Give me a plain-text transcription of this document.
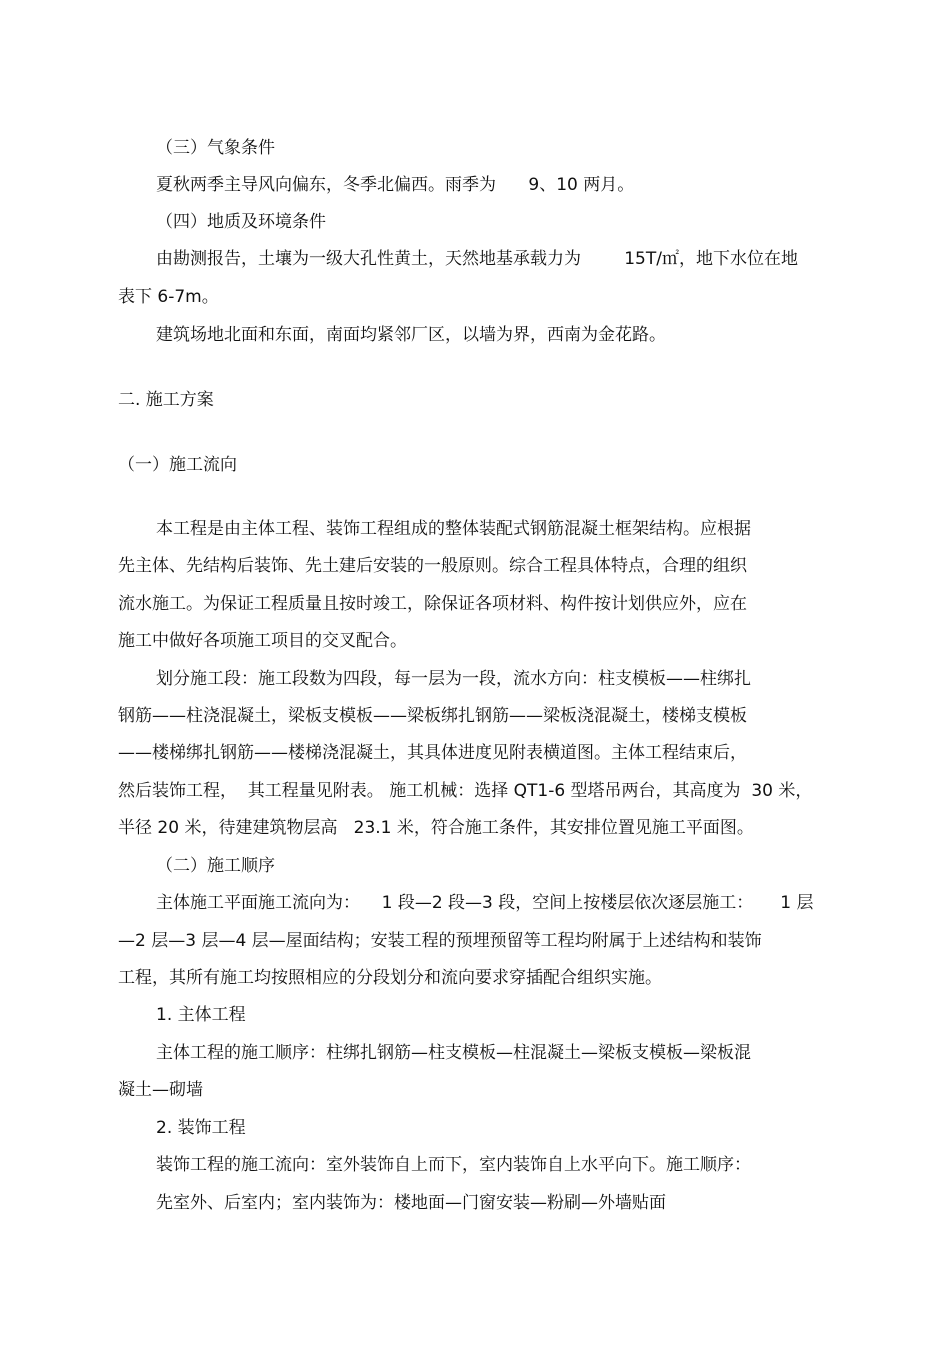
（三）气象条件
夏秋两季主导风向偏东，冬季北偏西。雨季为      9、10 两月。
（四）地质及环境条件
由勘测报告，土壤为一级大孔性黄土，天然地基承载力为        15T/㎡，地下水位在地
表下 6-7m。
建筑场地北面和东面，南面均紧邻厂区，以墙为界，西南为金花路。
二. 施工方案
（一）施工流向
本工程是由主体工程、装饰工程组成的整体装配式钢筋混凝土框架结构。应根据
先主体、先结构后装饰、先土建后安装的一般原则。综合工程具体特点，合理的组织
流水施工。为保证工程质量且按时竣工，除保证各项材料、构件按计划供应外，应在
施工中做好各项施工项目的交叉配合。
划分施工段：施工段数为四段，每一层为一段，流水方向：柱支模板——柱绑扎
钢筋——柱浇混凝土，梁板支模板——梁板绑扎钢筋——梁板浇混凝土，楼梯支模板
——楼梯绑扎钢筋——楼梯浇混凝土，其具体进度见附表横道图。主体工程结束后，
然后装饰工程，  其工程量见附表。 施工机械：选择 QT1-6 型塔吊两台，其高度为  30 米，
半径 20 米，待建建筑物层高   23.1 米，符合施工条件，其安排位置见施工平面图。
（二）施工顺序
主体施工平面施工流向为：    1 段—2 段—3 段，空间上按楼层依次逐层施工：     1 层
—2 层—3 层—4 层—屋面结构；安装工程的预埋预留等工程均附属于上述结构和装饰
工程，其所有施工均按照相应的分段划分和流向要求穿插配合组织实施。
1. 主体工程
主体工程的施工顺序：柱绑扎钢筋—柱支模板—柱混凝土—梁板支模板—梁板混
凝土—砌墙
2. 装饰工程
装饰工程的施工流向：室外装饰自上而下，室内装饰自上水平向下。施工顺序：
先室外、后室内；室内装饰为：楼地面—门窗安装—粉刷—外墙贴面
